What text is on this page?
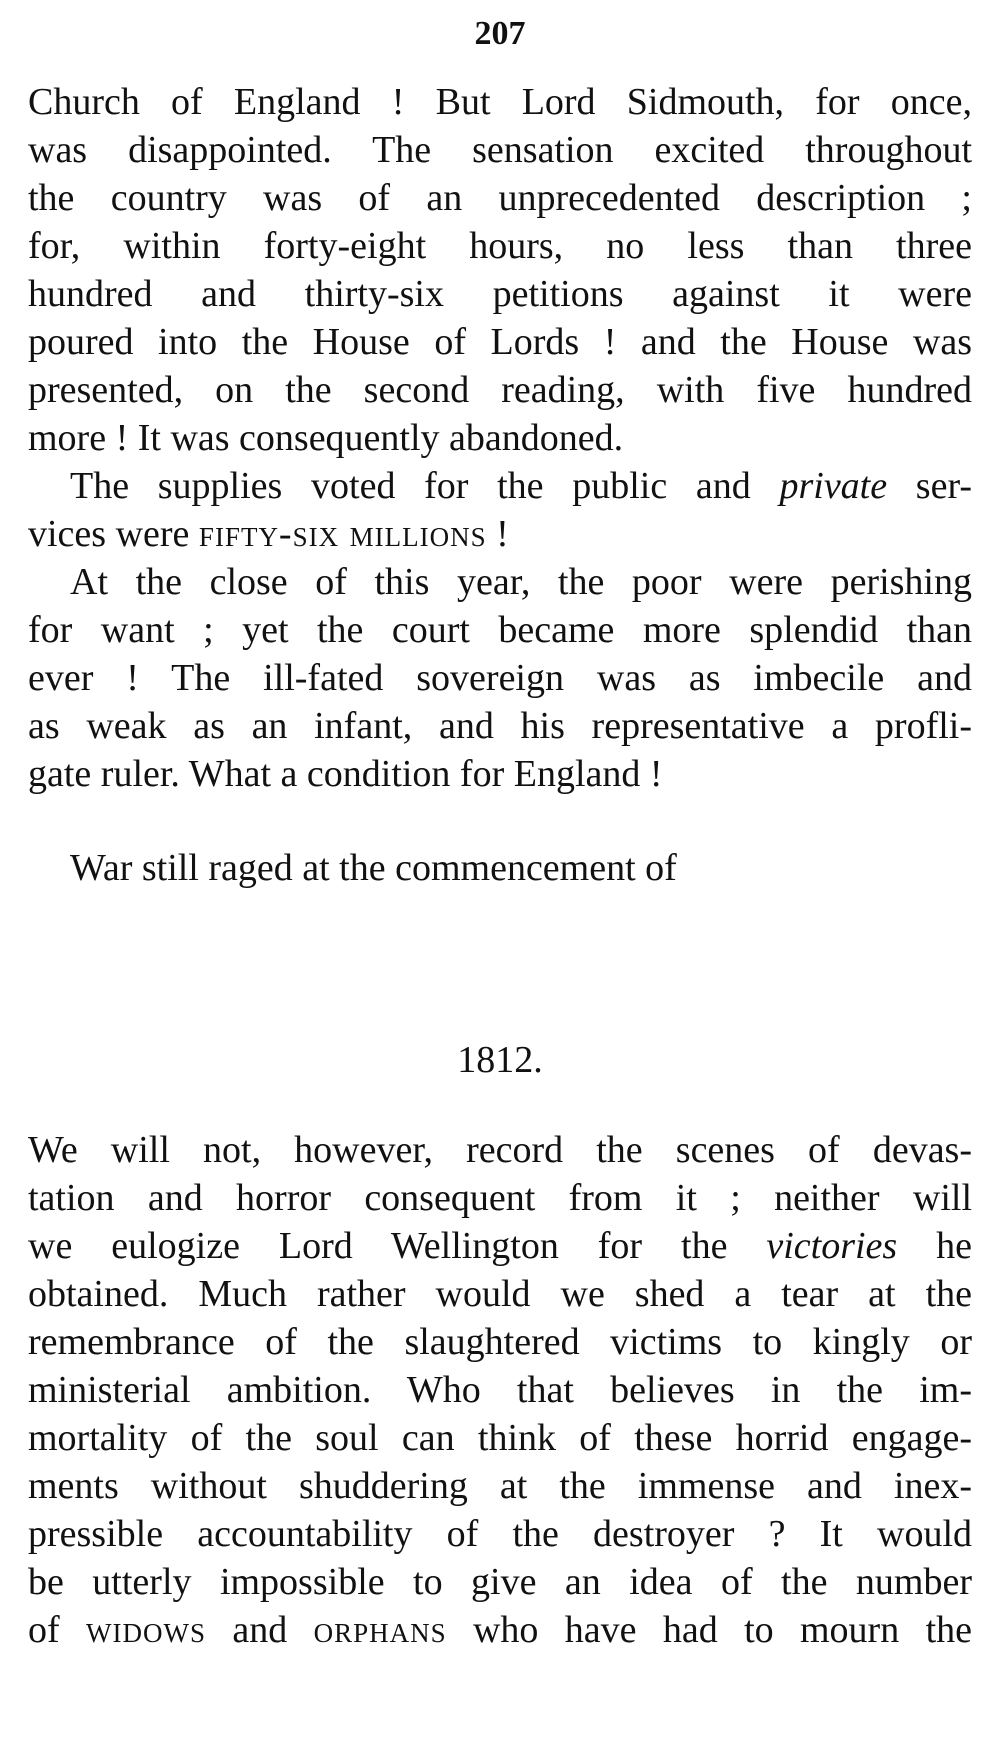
207
Church of England ! But Lord Sidmouth, for once,
was disappointed. The sensation excited throughout
the country was of an unprecedented description ;
for, within forty-eight hours, no less than three
hundred and thirty-six petitions against it were
poured into the House of Lords ! and the House was
presented, on the second reading, with five hundred
more ! It was consequently abandoned.
The supplies voted for the public and private ser-
vices were fifty-six millions !
At the close of this year, the poor were perishing
for want ; yet the court became more splendid than
ever ! The ill-fated sovereign was as imbecile and
as weak as an infant, and his representative a profli-
gate ruler. What a condition for England !
War still raged at the commencement of
1812.
We will not, however, record the scenes of devas-
tation and horror consequent from it ; neither will
we eulogize Lord Wellington for the victories he
obtained. Much rather would we shed a tear at the
remembrance of the slaughtered victims to kingly or
ministerial ambition. Who that believes in the im-
mortality of the soul can think of these horrid engage-
ments without shuddering at the immense and inex-
pressible accountability of the destroyer ? It would
be utterly impossible to give an idea of the number
of widows and orphans who have had to mourn the
